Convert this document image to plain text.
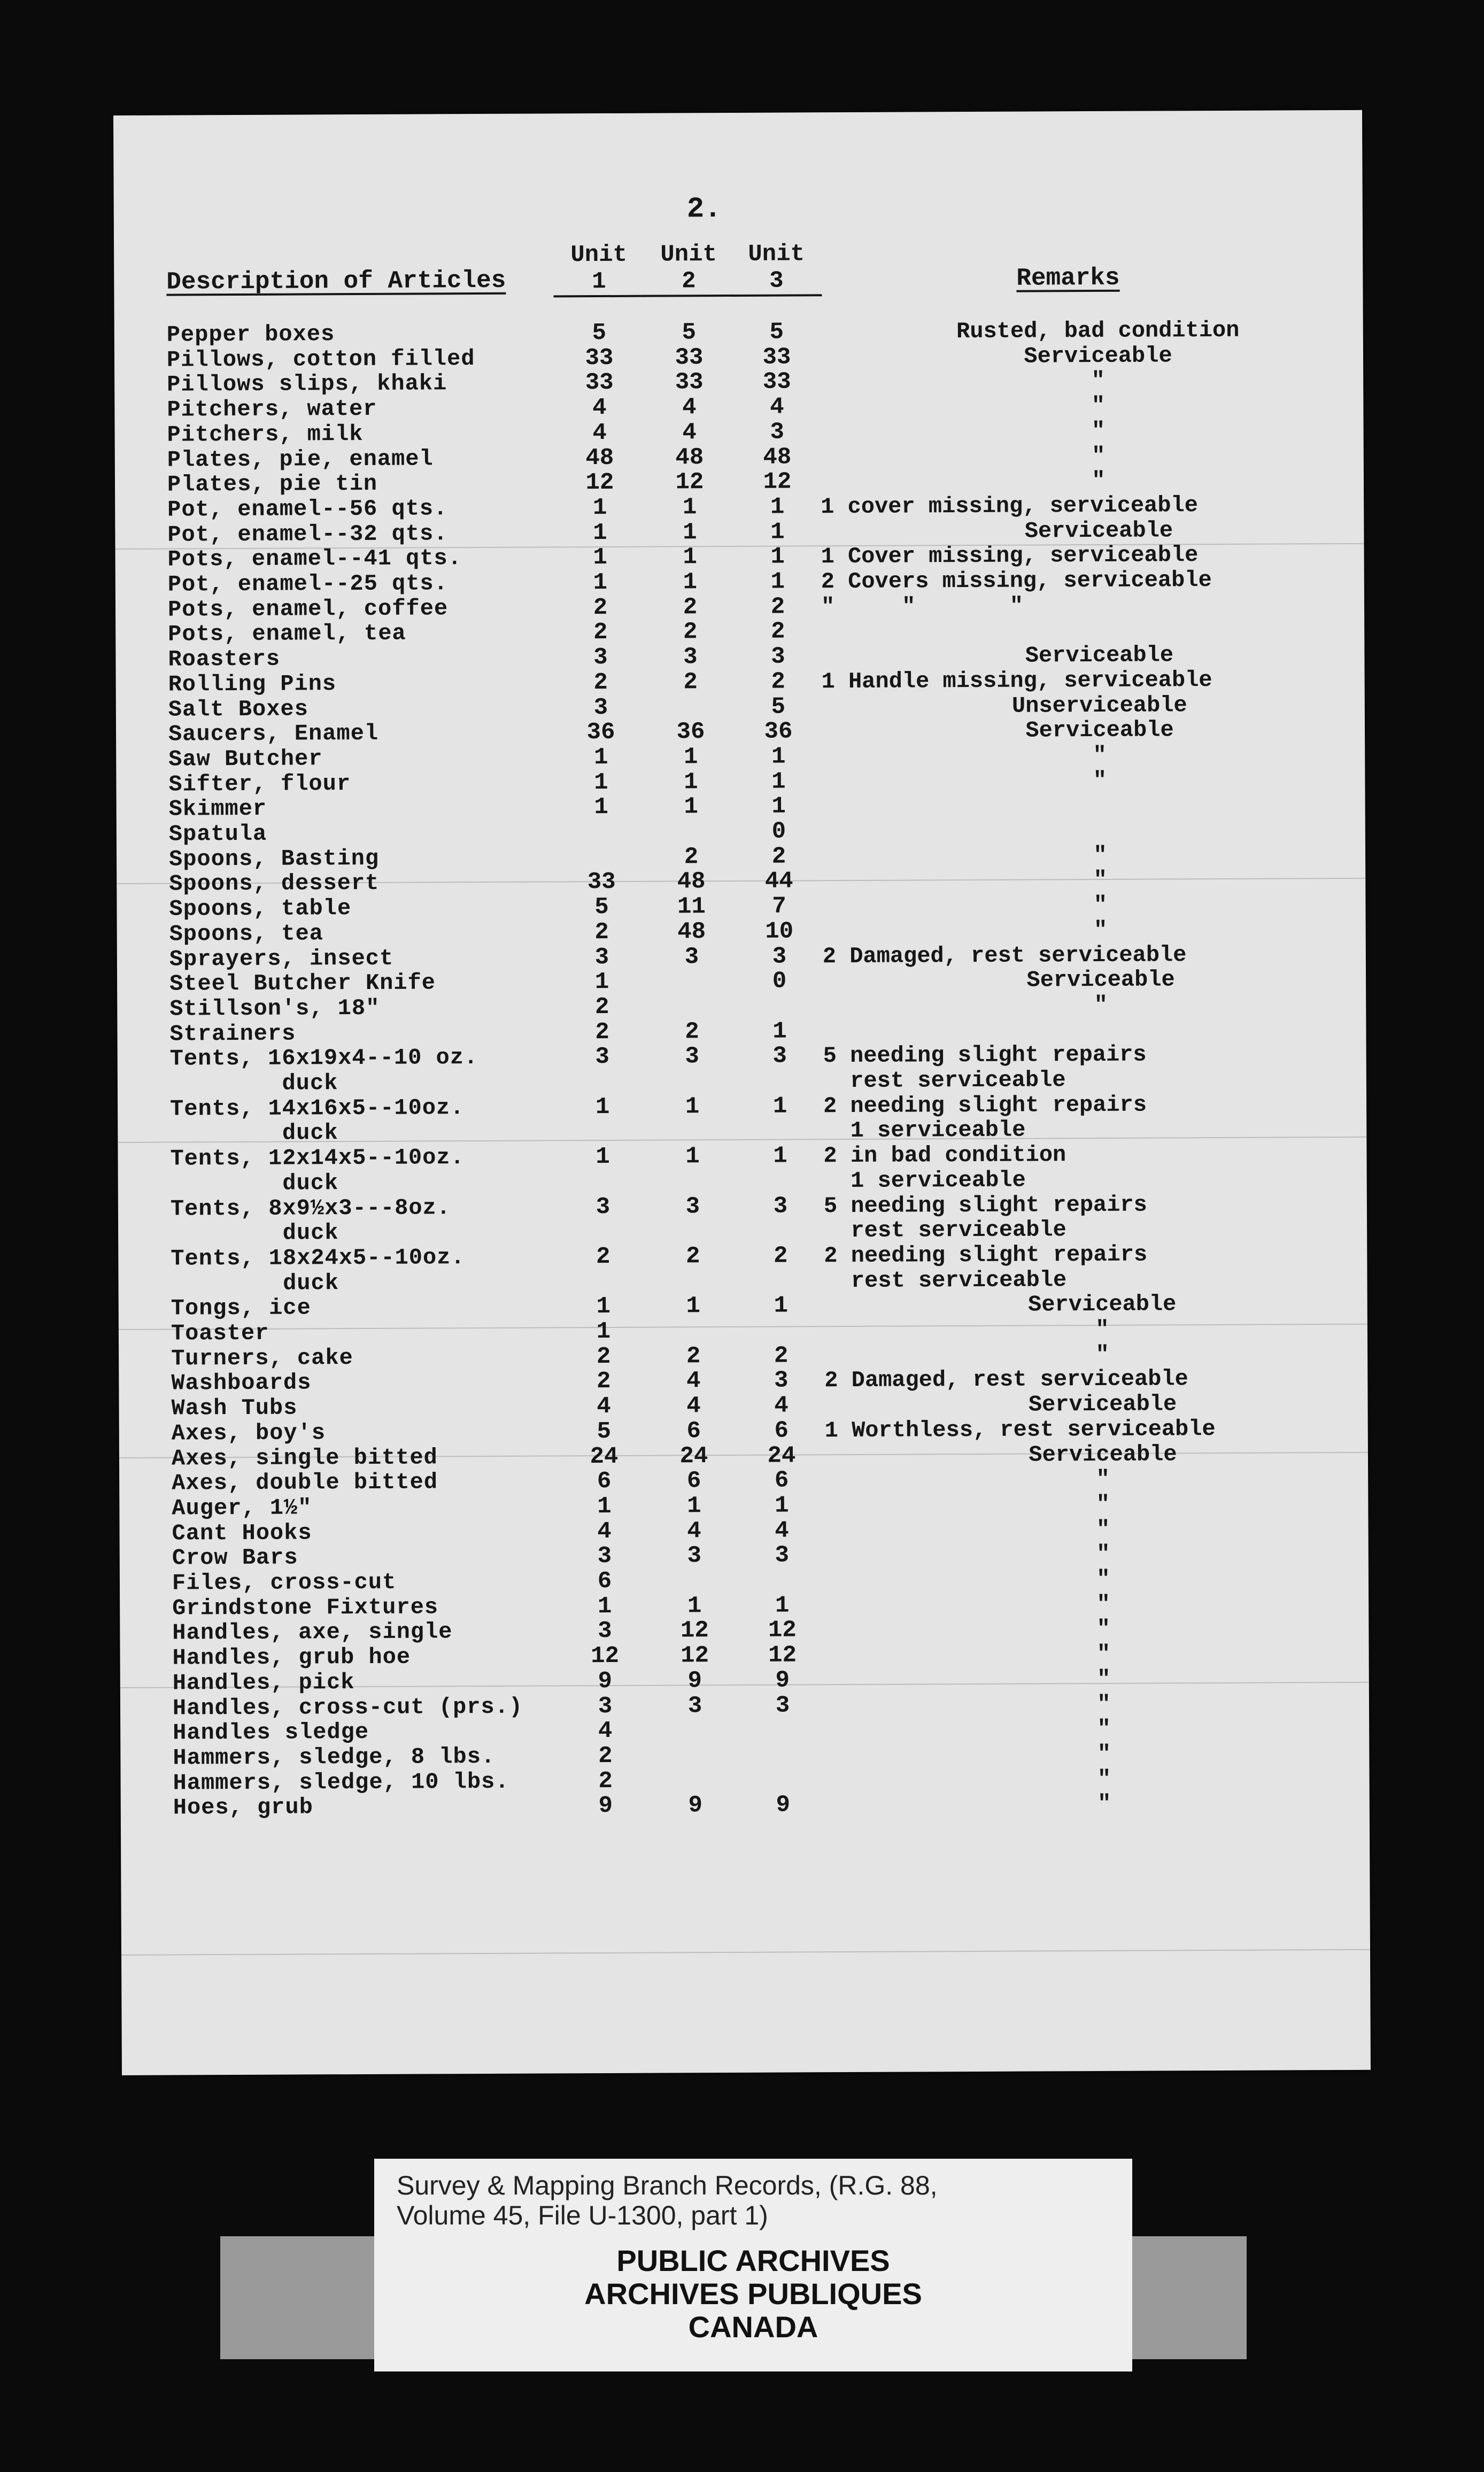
2.
Description of Articles
Unit
1
Unit
2
Unit
3	Remarks
Pepper boxes	5	5	5	Rusted, bad condition
Pillows, cotton filled	33	33	33	Serviceable
Pillows slips, khaki	33	33	33	"
Pitchers, water	4	4	4	"
Pitchers, milk	4	4	3	"
Plates, pie, enamel	48	48	48	"
Plates, pie tin	12	12	12	"
Pot, enamel--56 qts.	1	1	1	1 cover missing, serviceable
Pot, enamel--32 qts.	1	1	1	Serviceable
Pots, enamel--41 qts.	1	1	1	1 Cover missing, serviceable
Pot, enamel--25 qts.	1	1	1	2 Covers missing, serviceable
Pots, enamel, coffee	2	2	2	"     "       "
Pots, enamel, tea	2	2	2
Roasters	3	3	3	Serviceable
Rolling Pins	2	2	2	1 Handle missing, serviceable
Salt Boxes	3	5	Unserviceable
Saucers, Enamel	36	36	36	Serviceable
Saw Butcher	1	1	1	"
Sifter, flour	1	1	1	"
Skimmer	1	1	1
Spatula	0
Spoons, Basting	2	2	"
Spoons, dessert	33	48	44	"
Spoons, table	5	11	7	"
Spoons, tea	2	48	10	"
Sprayers, insect	3	3	3	2 Damaged, rest serviceable
Steel Butcher Knife	1	0	Serviceable
Stillson's, 18"	2	"
Strainers	2	2	1
Tents, 16x19x4--10 oz.	3	3	3	5 needing slight repairs
duck	rest serviceable
Tents, 14x16x5--10oz.	1	1	1	2 needing slight repairs
duck	1 serviceable
Tents, 12x14x5--10oz.	1	1	1	2 in bad condition
duck	1 serviceable
Tents, 8x9½x3---8oz.	3	3	3	5 needing slight repairs
duck	rest serviceable
Tents, 18x24x5--10oz.	2	2	2	2 needing slight repairs
duck	rest serviceable
Tongs, ice	1	1	1	Serviceable
Toaster	1	"
Turners, cake	2	2	2	"
Washboards	2	4	3	2 Damaged, rest serviceable
Wash Tubs	4	4	4	Serviceable
Axes, boy's	5	6	6	1 Worthless, rest serviceable
Axes, single bitted	24	24	24	Serviceable
Axes, double bitted	6	6	6	"
Auger, 1½"	1	1	1	"
Cant Hooks	4	4	4	"
Crow Bars	3	3	3	"
Files, cross-cut	6	"
Grindstone Fixtures	1	1	1	"
Handles, axe, single	3	12	12	"
Handles, grub hoe	12	12	12	"
Handles, pick	9	9	9	"
Handles, cross-cut (prs.)	3	3	3	"
Handles sledge	4	"
Hammers, sledge, 8 lbs.	2	"
Hammers, sledge, 10 lbs.	2	"
Hoes, grub	9	9	9	"
Survey & Mapping Branch Records, (R.G. 88,
Volume 45, File U-1300, part 1)
PUBLIC ARCHIVES
ARCHIVES PUBLIQUES
CANADA
